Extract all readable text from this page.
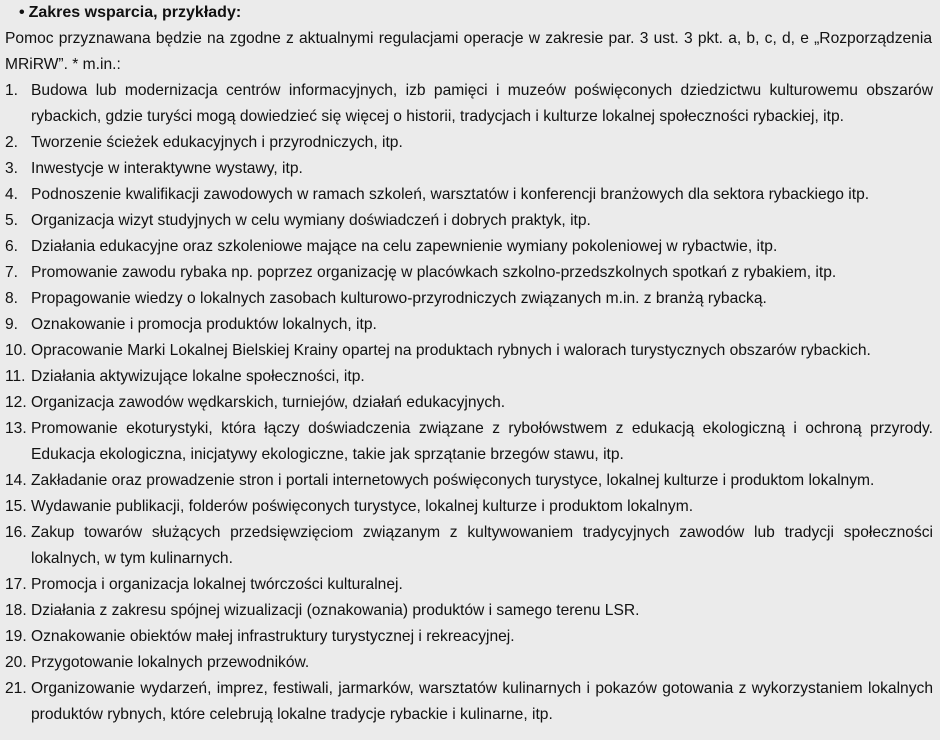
• Zakres wsparcia, przykłady:

Pomoc przyznawana będzie na zgodne z aktualnymi regulacjami operacje w zakresie par. 3 ust. 3 pkt. a, b, c, d, e „Rozporządzenia MRiRW”. * m.in.:

1. Budowa lub modernizacja centrów informacyjnych, izb pamięci i muzeów poświęconych dziedzictwu kulturowemu obszarów rybackich, gdzie turyści mogą dowiedzieć się więcej o historii, tradycjach i kulturze lokalnej społeczności rybackiej, itp.
2. Tworzenie ścieżek edukacyjnych i przyrodniczych, itp.
3. Inwestycje w interaktywne wystawy, itp.
4. Podnoszenie kwalifikacji zawodowych w ramach szkoleń, warsztatów i konferencji branżowych dla sektora rybackiego itp.
5. Organizacja wizyt studyjnych w celu wymiany doświadczeń i dobrych praktyk, itp.
6. Działania edukacyjne oraz szkoleniowe mające na celu zapewnienie wymiany pokoleniowej w rybactwie, itp.
7. Promowanie zawodu rybaka np. poprzez organizację w placówkach szkolno-przedszkolnych spotkań z rybakiem, itp.
8. Propagowanie wiedzy o lokalnych zasobach kulturowo-przyrodniczych związanych m.in. z branżą rybacką.
9. Oznakowanie i promocja produktów lokalnych, itp.
10. Opracowanie Marki Lokalnej Bielskiej Krainy opartej na produktach rybnych i walorach turystycznych obszarów rybackich.
11. Działania aktywizujące lokalne społeczności, itp.
12. Organizacja zawodów wędkarskich, turniejów, działań edukacyjnych.
13. Promowanie ekoturystyki, która łączy doświadczenia związane z rybołówstwem z edukacją ekologiczną i ochroną przyrody. Edukacja ekologiczna, inicjatywy ekologiczne, takie jak sprzątanie brzegów stawu, itp.
14. Zakładanie oraz prowadzenie stron i portali internetowych poświęconych turystyce, lokalnej kulturze i produktom lokalnym.
15. Wydawanie publikacji, folderów poświęconych turystyce, lokalnej kulturze i produktom lokalnym.
16. Zakup towarów służących przedsięwzięciom związanym z kultywowaniem tradycyjnych zawodów lub tradycji społeczności lokalnych, w tym kulinarnych.
17. Promocja i organizacja lokalnej twórczości kulturalnej.
18. Działania z zakresu spójnej wizualizacji (oznakowania) produktów i samego terenu LSR.
19. Oznakowanie obiektów małej infrastruktury turystycznej i rekreacyjnej.
20. Przygotowanie lokalnych przewodników.
21. Organizowanie wydarzeń, imprez, festiwali, jarmarków, warsztatów kulinarnych i pokazów gotowania z wykorzystaniem lokalnych produktów rybnych, które celebrują lokalne tradycje rybackie i kulinarne, itp.
